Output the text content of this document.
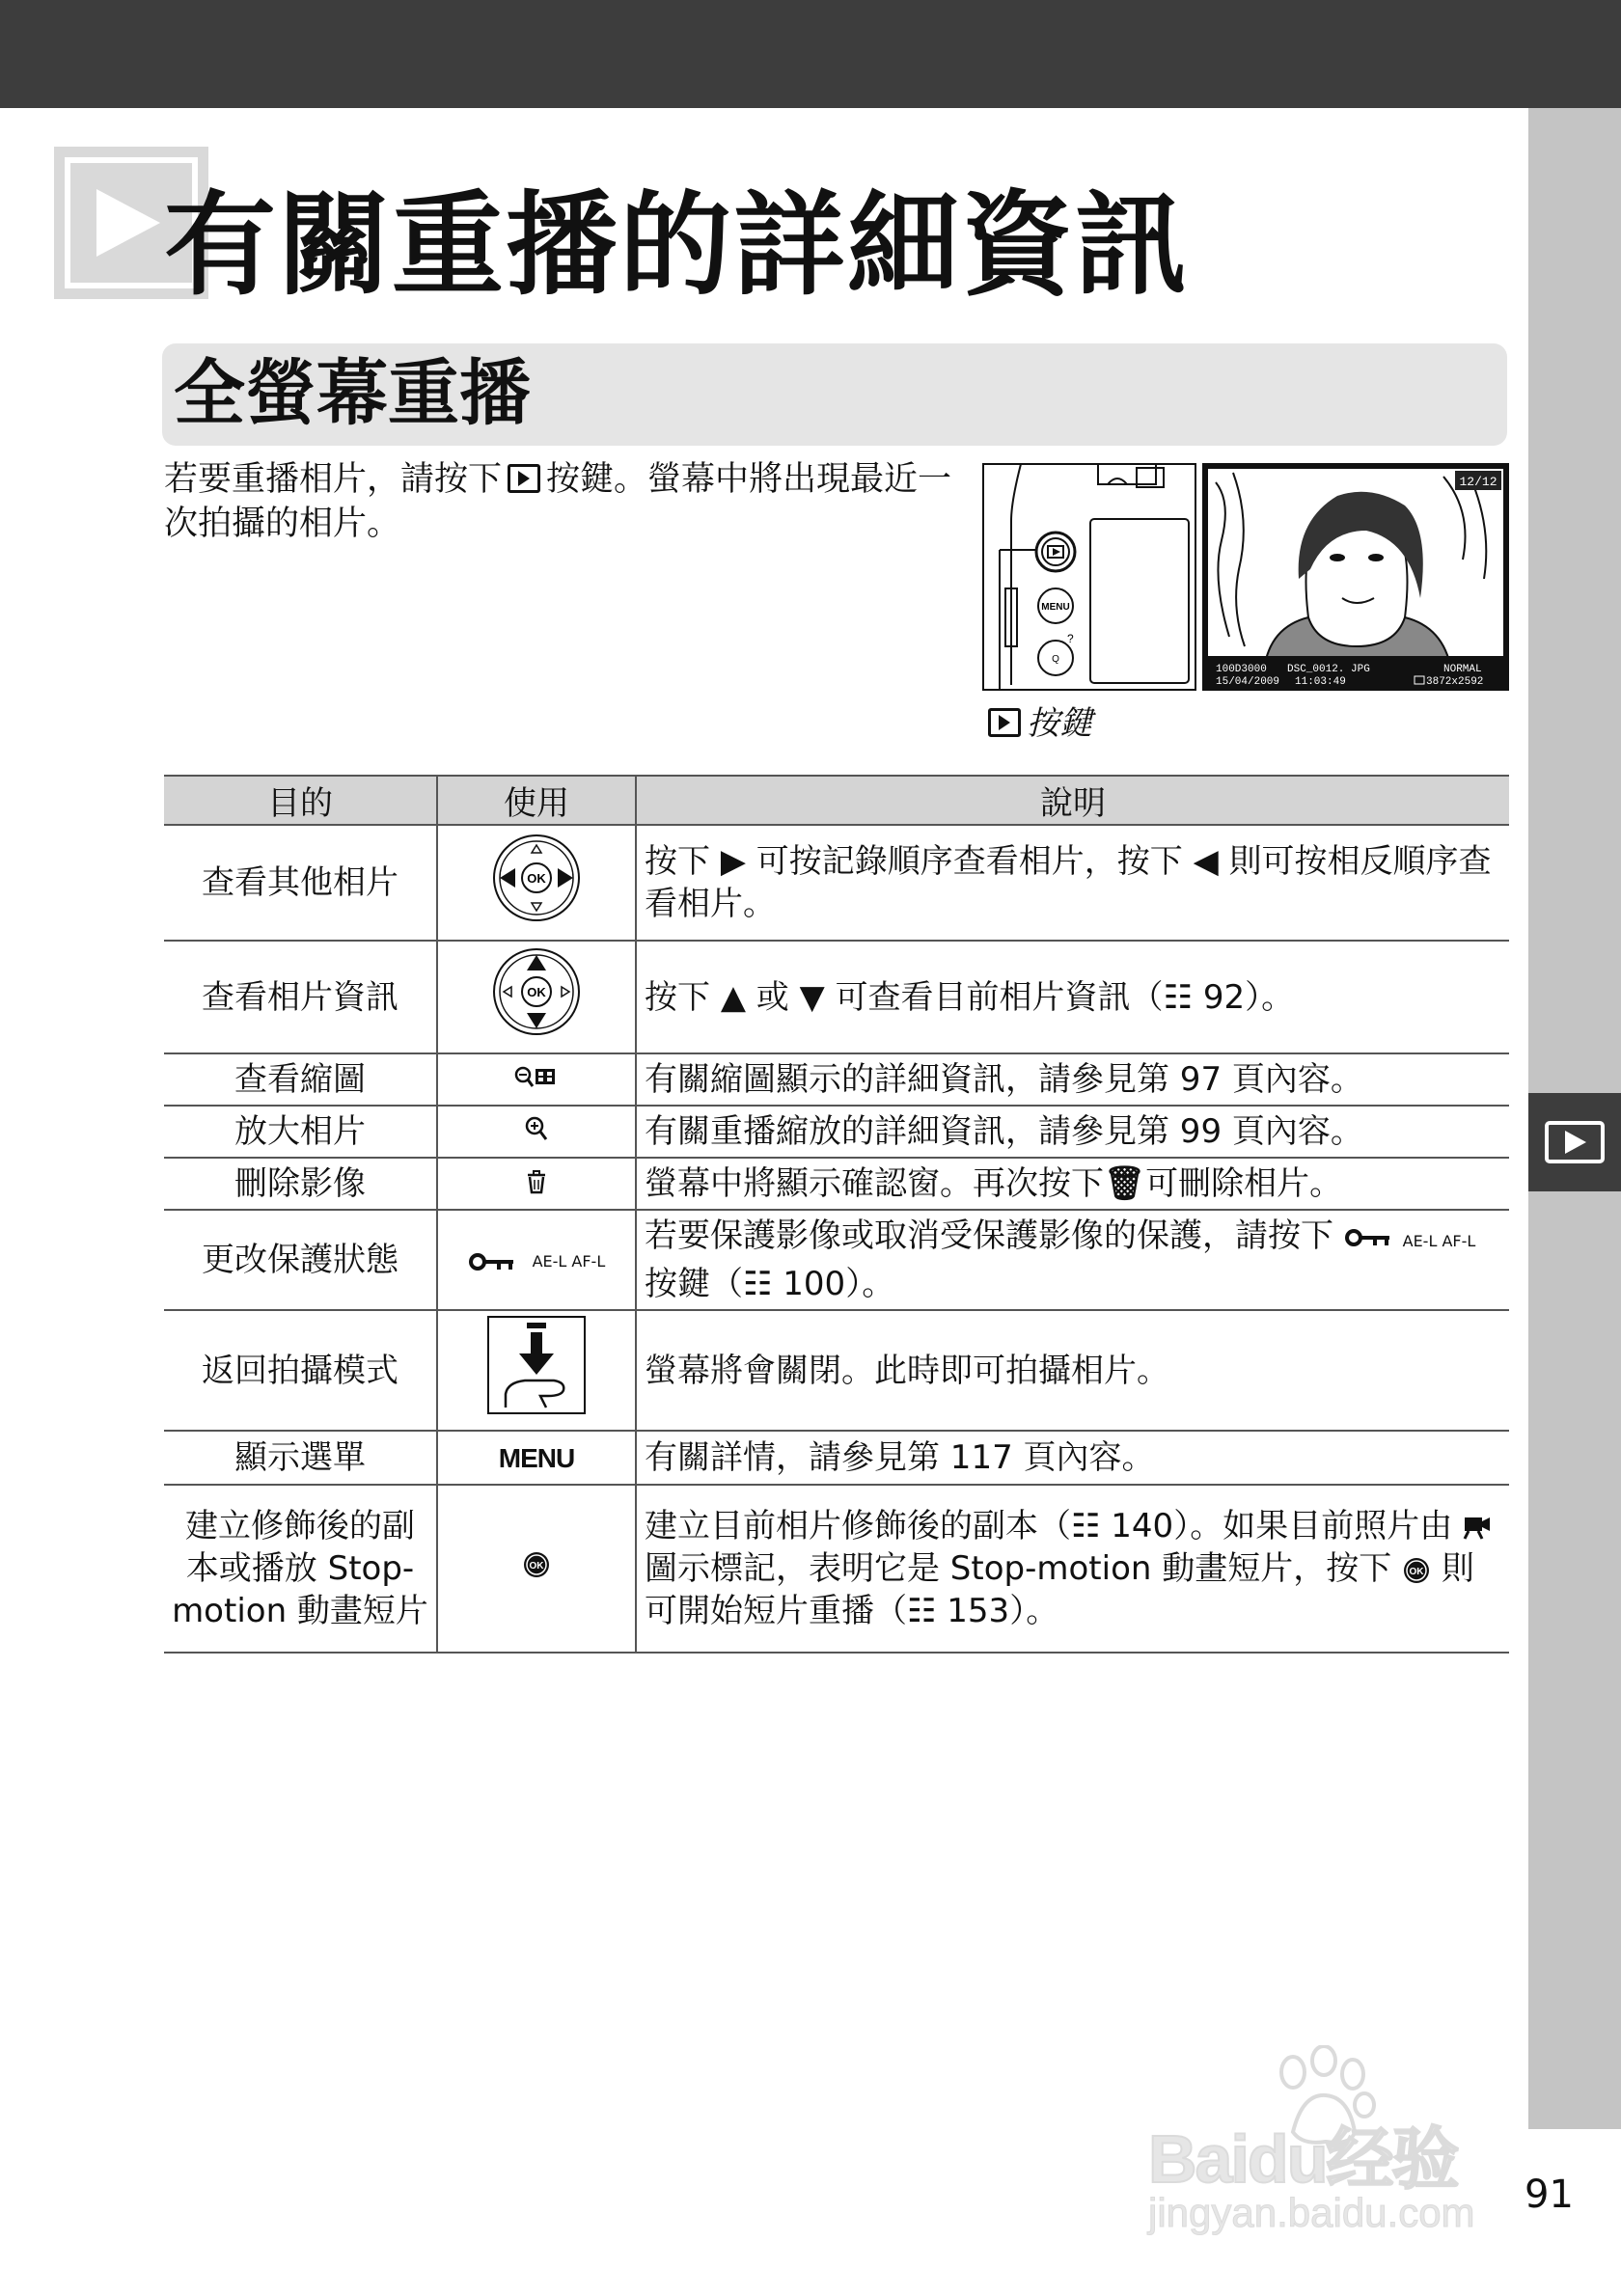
有關重播的詳細資訊
全螢幕重播
若要重播相片，請按下 按鍵。螢幕中將出現最近一次拍攝的相片。
MENU
?
Q
12/12
100D3000 DSC_0012. JPG	NORMAL
15/04/2009 11:03:49	3872x2592
按鍵
目的	使用	說明
查看其他相片	OK	按下 ▶ 可按記錄順序查看相片，按下 ◀ 則可按相反順序查看相片。
查看相片資訊	OK	按下 ▲ 或 ▼ 可查看目前相片資訊（☷ 92）。
查看縮圖		有關縮圖顯示的詳細資訊，請參見第 97 頁內容。
放大相片		有關重播縮放的詳細資訊，請參見第 99 頁內容。
刪除影像		螢幕中將顯示確認窗。再次按下🗑︎可刪除相片。
更改保護狀態	AE-L AF-L	若要保護影像或取消受保護影像的保護，請按下 AE-L AF-L 按鍵（☷ 100）。
返回拍攝模式		螢幕將會關閉。此時即可拍攝相片。
顯示選單	MENU	有關詳情，請參見第 117 頁內容。
建立修飾後的副本或播放 Stop-motion 動畫短片	OK	建立目前相片修飾後的副本（☷ 140）。如果目前照片由  圖示標記，表明它是 Stop-motion 動畫短片，按下 OK 則可開始短片重播（☷ 153）。
Baidu经验
jingyan.baidu.com 91
